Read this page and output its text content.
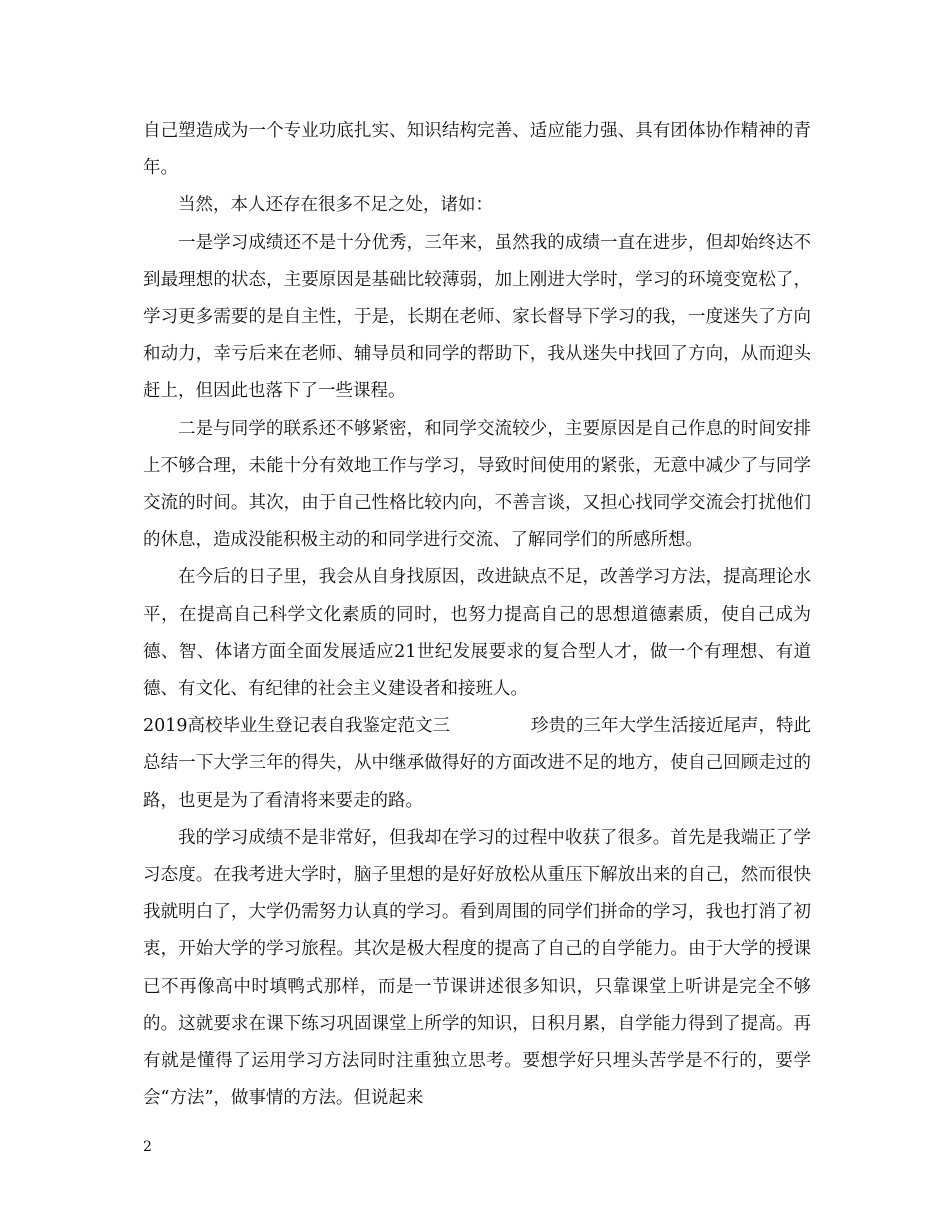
自己塑造成为一个专业功底扎实、知识结构完善、适应能力强、具有团体协作精神的青年。

当然，本人还存在很多不足之处，诸如：

一是学习成绩还不是十分优秀，三年来，虽然我的成绩一直在进步，但却始终达不到最理想的状态，主要原因是基础比较薄弱，加上刚进大学时，学习的环境变宽松了，学习更多需要的是自主性，于是，长期在老师、家长督导下学习的我，一度迷失了方向和动力，幸亏后来在老师、辅导员和同学的帮助下，我从迷失中找回了方向，从而迎头赶上，但因此也落下了一些课程。

二是与同学的联系还不够紧密，和同学交流较少，主要原因是自己作息的时间安排上不够合理，未能十分有效地工作与学习，导致时间使用的紧张，无意中减少了与同学交流的时间。其次，由于自己性格比较内向，不善言谈，又担心找同学交流会打扰他们的休息，造成没能积极主动的和同学进行交流、了解同学们的所感所想。

在今后的日子里，我会从自身找原因，改进缺点不足，改善学习方法，提高理论水平，在提高自己科学文化素质的同时，也努力提高自己的思想道德素质，使自己成为德、智、体诸方面全面发展适应21世纪发展要求的复合型人才，做一个有理想、有道德、有文化、有纪律的社会主义建设者和接班人。

2019高校毕业生登记表自我鉴定范文三	珍贵的三年大学生活接近尾声，特此

总结一下大学三年的得失，从中继承做得好的方面改进不足的地方，使自己回顾走过的路，也更是为了看清将来要走的路。

我的学习成绩不是非常好，但我却在学习的过程中收获了很多。首先是我端正了学习态度。在我考进大学时，脑子里想的是好好放松从重压下解放出来的自己，然而很快我就明白了，大学仍需努力认真的学习。看到周围的同学们拼命的学习，我也打消了初衷，开始大学的学习旅程。其次是极大程度的提高了自己的自学能力。由于大学的授课已不再像高中时填鸭式那样，而是一节课讲述很多知识，只靠课堂上听讲是完全不够的。这就要求在课下练习巩固课堂上所学的知识，日积月累，自学能力得到了提高。再有就是懂得了运用学习方法同时注重独立思考。要想学好只埋头苦学是不行的，要学会“方法”，做事情的方法。但说起来

2
